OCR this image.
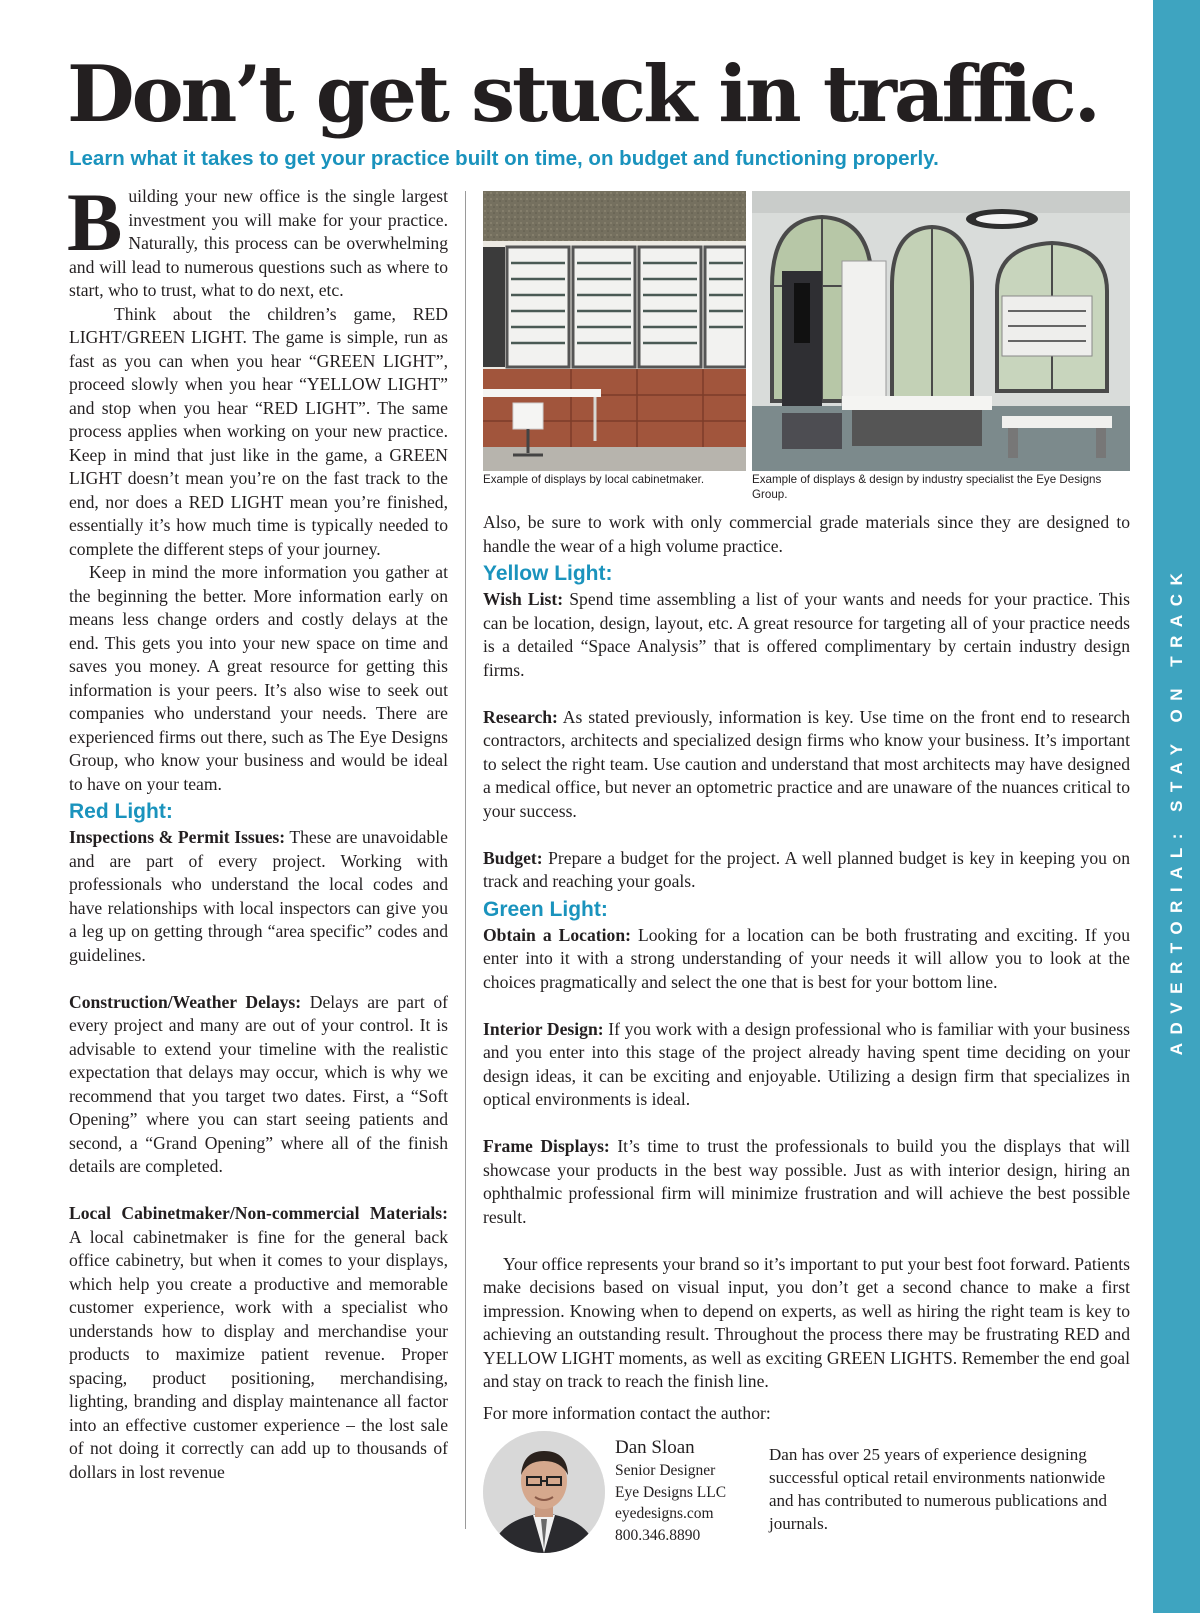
ADVERTORIAL: STAY ON TRACK
Don’t get stuck in traffic.
Learn what it takes to get your practice built on time, on budget and functioning properly.

Building your new office is the single largest investment you will make for your practice. Naturally, this process can be overwhelming and will lead to numerous questions such as where to start, who to trust, what to do next, etc.

Think about the children’s game, RED LIGHT/GREEN LIGHT. The game is simple, run as fast as you can when you hear “GREEN LIGHT”, proceed slowly when you hear “YELLOW LIGHT” and stop when you hear “RED LIGHT”. The same process applies when working on your new practice. Keep in mind that just like in the game, a GREEN LIGHT doesn’t mean you’re on the fast track to the end, nor does a RED LIGHT mean you’re finished, essentially it’s how much time is typically needed to complete the different steps of your journey.

Keep in mind the more information you gather at the beginning the better. More information early on means less change orders and costly delays at the end. This gets you into your new space on time and saves you money. A great resource for getting this information is your peers. It’s also wise to seek out companies who understand your needs. There are experienced firms out there, such as The Eye Designs Group, who know your business and would be ideal to have on your team.

Red Light:

Inspections & Permit Issues: These are unavoidable and are part of every project. Working with professionals who understand the local codes and have relationships with local inspectors can give you a leg up on getting through “area specific” codes and guidelines.

Construction/Weather Delays: Delays are part of every project and many are out of your control. It is advisable to extend your timeline with the realistic expectation that delays may occur, which is why we recommend that you target two dates. First, a “Soft Opening” where you can start seeing patients and second, a “Grand Opening” where all of the finish details are completed.

Local Cabinetmaker/Non-commercial Materials: A local cabinetmaker is fine for the general back office cabinetry, but when it comes to your displays, which help you create a productive and memorable customer experience, work with a specialist who understands how to display and merchandise your products to maximize patient revenue. Proper spacing, product positioning, merchandising, lighting, branding and display maintenance all factor into an effective customer experience – the lost sale of not doing it correctly can add up to thousands of dollars in lost revenue

Example of displays by local cabinetmaker.	Example of displays & design by industry specialist the Eye Designs Group.

Also, be sure to work with only commercial grade materials since they are designed to handle the wear of a high volume practice.

Yellow Light:

Wish List: Spend time assembling a list of your wants and needs for your practice. This can be location, design, layout, etc. A great resource for targeting all of your practice needs is a detailed “Space Analysis” that is offered complimentary by certain industry design firms.

Research: As stated previously, information is key. Use time on the front end to research contractors, architects and specialized design firms who know your business. It’s important to select the right team. Use caution and understand that most architects may have designed a medical office, but never an optometric practice and are unaware of the nuances critical to your success.

Budget: Prepare a budget for the project. A well planned budget is key in keeping you on track and reaching your goals.

Green Light:

Obtain a Location: Looking for a location can be both frustrating and exciting. If you enter into it with a strong understanding of your needs it will allow you to look at the choices pragmatically and select the one that is best for your bottom line.

Interior Design: If you work with a design professional who is familiar with your business and you enter into this stage of the project already having spent time deciding on your design ideas, it can be exciting and enjoyable. Utilizing a design firm that specializes in optical environments is ideal.

Frame Displays: It’s time to trust the professionals to build you the displays that will showcase your products in the best way possible. Just as with interior design, hiring an ophthalmic professional firm will minimize frustration and will achieve the best possible result.

Your office represents your brand so it’s important to put your best foot forward. Patients make decisions based on visual input, you don’t get a second chance to make a first impression. Knowing when to depend on experts, as well as hiring the right team is key to achieving an outstanding result. Throughout the process there may be frustrating RED and YELLOW LIGHT moments, as well as exciting GREEN LIGHTS. Remember the end goal and stay on track to reach the finish line.

For more information contact the author:

Dan Sloan
Senior Designer
Eye Designs LLC
eyedesigns.com
800.346.8890
Dan has over 25 years of experience designing successful optical retail environments nationwide and has contributed to numerous publications and journals.
